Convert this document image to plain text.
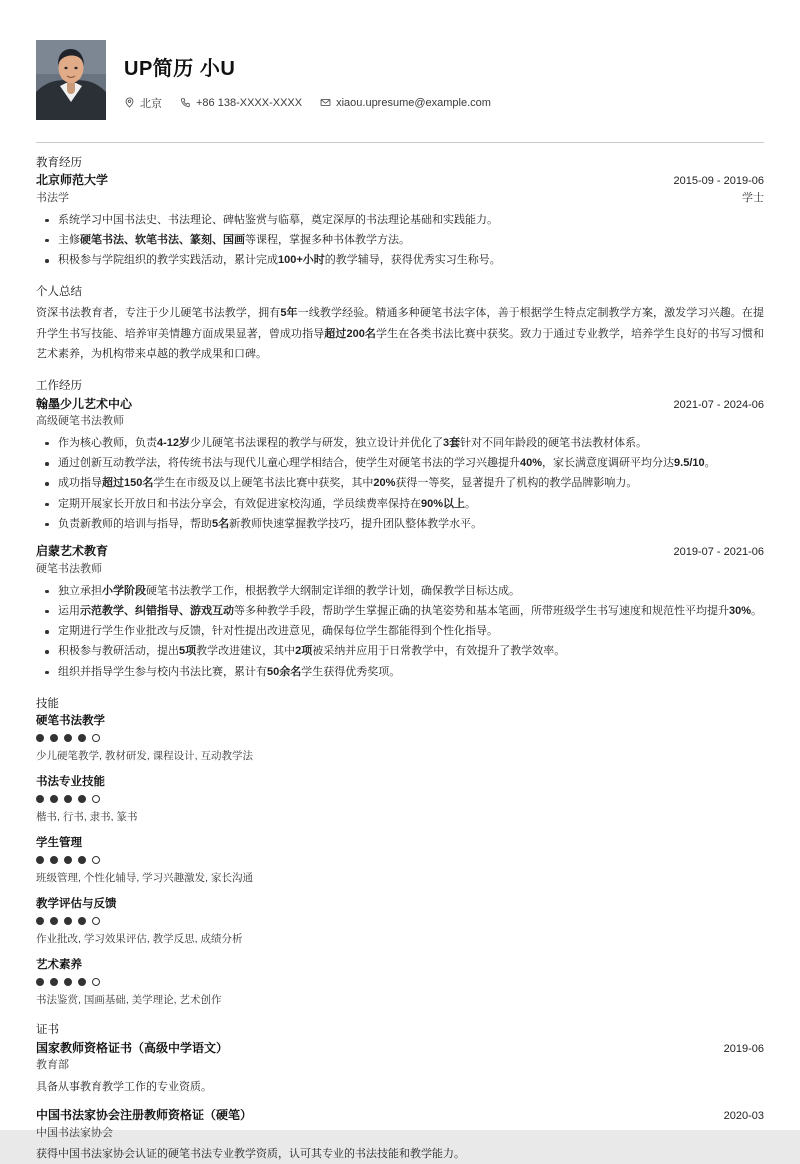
UP简历 小U
北京	+86 138-XXXX-XXXX	xiaou.upresume@example.com
教育经历
北京师范大学	2015-09 - 2019-06
书法学	学士
系统学习中国书法史、书法理论、碑帖鉴赏与临摹，奠定深厚的书法理论基础和实践能力。
主修硬笔书法、软笔书法、篆刻、国画等课程，掌握多种书体教学方法。
积极参与学院组织的教学实践活动，累计完成100+小时的教学辅导，获得优秀实习生称号。
个人总结

资深书法教育者，专注于少儿硬笔书法教学，拥有5年一线教学经验。精通多种硬笔书法字体，善于根据学生特点定制教学方案，激发学习兴趣。在提升学生书写技能、培养审美情趣方面成果显著，曾成功指导超过200名学生在各类书法比赛中获奖。致力于通过专业教学，培养学生良好的书写习惯和艺术素养，为机构带来卓越的教学成果和口碑。

工作经历
翰墨少儿艺术中心	2021-07 - 2024-06
高级硬笔书法教师
作为核心教师，负责4-12岁少儿硬笔书法课程的教学与研发，独立设计并优化了3套针对不同年龄段的硬笔书法教材体系。
通过创新互动教学法，将传统书法与现代儿童心理学相结合，使学生对硬笔书法的学习兴趣提升40%，家长满意度调研平均分达9.5/10。
成功指导超过150名学生在市级及以上硬笔书法比赛中获奖，其中20%获得一等奖，显著提升了机构的教学品牌影响力。
定期开展家长开放日和书法分享会，有效促进家校沟通，学员续费率保持在90%以上。
负责新教师的培训与指导，帮助5名新教师快速掌握教学技巧，提升团队整体教学水平。
启蒙艺术教育	2019-07 - 2021-06
硬笔书法教师
独立承担小学阶段硬笔书法教学工作，根据教学大纲制定详细的教学计划，确保教学目标达成。
运用示范教学、纠错指导、游戏互动等多种教学手段，帮助学生掌握正确的执笔姿势和基本笔画，所带班级学生书写速度和规范性平均提升30%。
定期进行学生作业批改与反馈，针对性提出改进意见，确保每位学生都能得到个性化指导。
积极参与教研活动，提出5项教学改进建议，其中2项被采纳并应用于日常教学中，有效提升了教学效率。
组织并指导学生参与校内书法比赛，累计有50余名学生获得优秀奖项。
技能
硬笔书法教学
少儿硬笔教学, 教材研发, 课程设计, 互动教学法
书法专业技能
楷书, 行书, 隶书, 篆书
学生管理
班级管理, 个性化辅导, 学习兴趣激发, 家长沟通
教学评估与反馈
作业批改, 学习效果评估, 教学反思, 成绩分析
艺术素养
书法鉴赏, 国画基础, 美学理论, 艺术创作
证书
国家教师资格证书（高级中学语文）	2019-06
教育部
具备从事教育教学工作的专业资质。
中国书法家协会注册教师资格证（硬笔）	2020-03
中国书法家协会
获得中国书法家协会认证的硬笔书法专业教学资质，认可其专业的书法技能和教学能力。
